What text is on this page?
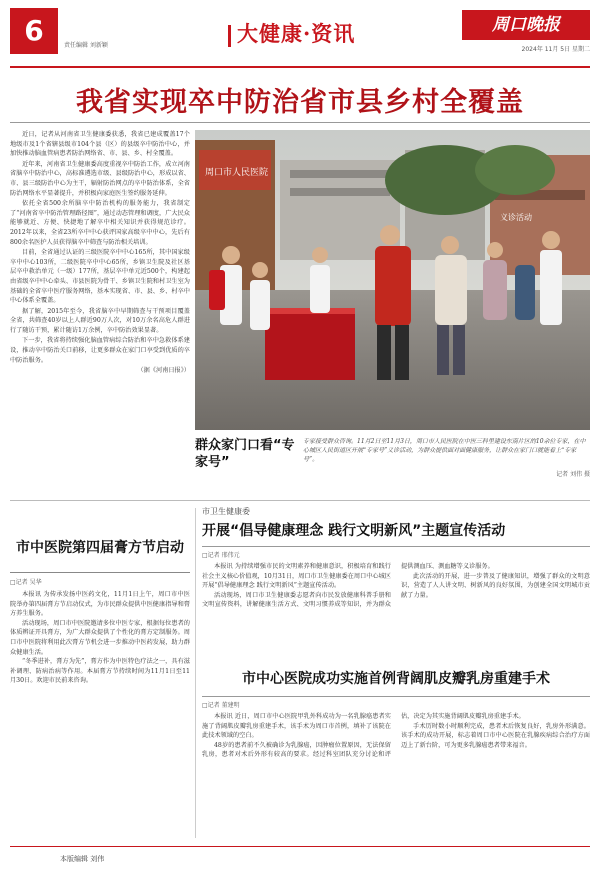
6	责任编辑 刘新颖	大健康·资讯	周口晚报
2024年 11月 5日 星期二
我省实现卒中防治省市县乡村全覆盖

近日，记者从河南省卫生健康委获悉，我省已建成覆盖17个地级市及1个省辖县级市104个县（区）的县级卒中防治中心，并加快推动脑血管病患者防治网络省、市、县、乡、村全覆盖。

近年来，河南省卫生健康委高度重视卒中防治工作，成立河南省脑卒中防治中心，高标准遴选市级、县级防治中心，形成以省、市、县三级防治中心为主干，辐射防治网点的卒中防治体系，全省防治网络水平显著提升，并积极向家庭医生签约服务延伸。

依托全省500余所脑卒中防治机构的服务能力，我省制定了“河南省卒中防治管理路径图”，通过动态管理和调度，广大民众能够就近、方便、快捷地了解卒中相关知识并获得规范诊疗。2012年以来，全省23所卒中中心获评国家高级卒中中心，先后有800余名医护人员获得脑卒中筛查与防治相关培训。

目前，全省通过认证的三级医院卒中中心165所，其中国家级卒中中心103所，二级医院卒中中心65所，乡镇卫生院及社区基层卒中救治单元（一级）177所，基层卒中单元近500个，构建起由省级卒中中心牵头、市县医院为骨干、乡镇卫生院和村卫生室为基础的全省卒中医疗服务网络，基本实现省、市、县、乡、村卒中中心体系全覆盖。

据了解，2015年至今，我省脑卒中早期筛查与干预项目覆盖全省，共筛查40岁以上人群近90万人次，对10万余名高危人群进行了随访干预，累计随访1万余例，卒中防治效果显著。

下一步，我省将持续强化脑血管病综合防治和卒中急救体系建设，推动卒中防治关口前移，让更多群众在家门口享受到优质的卒中防治服务。

（据《河南日报》）

周口市人民医院
义诊活动
群众家门口看“专家号”
专家接受群众咨询。11月2日至11月3日，周口市人民医院在中医三科里建设东南片区的10余位专家，在中心城区人民街道区开展“专家号”义诊活动，为群众提供面对面健康服务，让群众在家门口就能看上“专家号”。
记者 刘伟 摄
市中医院第四届膏方节启动
□记者 吴华

本报讯 为传承发扬中医药文化，11月1日上午，周口市中医院举办第四届膏方节启动仪式，为市民群众提供中医健康指导和膏方养生服务。

活动现场，周口市中医院邀请多位中医专家，根据每位患者的体质辨证开具膏方，为广大群众提供了个性化的膏方定制服务。周口市中医院将利用此次膏方节机会进一步推动中医药发展，助力群众健康生活。

“冬季进补，膏方为先”，膏方作为中医特色疗法之一，具有滋补调理、防病治病等作用。本届膏方节持续时间为11月1日至11月30日。欢迎市民前来咨询。

市卫生健康委
开展“倡导健康理念 践行文明新风”主题宣传活动
□记者 邢伟元

本报讯 为持续增强市民的文明素养和健康意识，积极培育和践行社会主义核心价值观，10月31日，周口市卫生健康委在周口中心城区开展“倡导健康理念 践行文明新风”主题宣传活动。

活动现场，周口市卫生健康委志愿者向市民发放健康科普手册和文明宣传资料，讲解健康生活方式、文明习惯养成等知识，并为群众提供测血压、测血糖等义诊服务。

此次活动的开展，进一步普及了健康知识，增强了群众的文明意识，营造了人人讲文明、树新风的良好氛围，为创建全国文明城市贡献了力量。

市中心医院成功实施首例背阔肌皮瓣乳房重建手术
□记者 董建明

本报讯 近日，周口市中心医院甲乳外科成功为一名乳腺癌患者实施了背阔肌皮瓣乳房重建手术，该手术为周口市首例，填补了该院在此技术领域的空白。

48岁的患者前不久被确诊为乳腺癌，因肿瘤位置原因，无法保留乳房，患者对术后外形有较高的要求。经过科室团队充分讨论和评估，决定为其实施背阔肌皮瓣乳房重建手术。

手术历时数小时顺利完成，患者术后恢复良好，乳房外形满意。该手术的成功开展，标志着周口市中心医院在乳腺疾病综合治疗方面迈上了新台阶，可为更多乳腺癌患者带来福音。

本版编辑 刘伟
